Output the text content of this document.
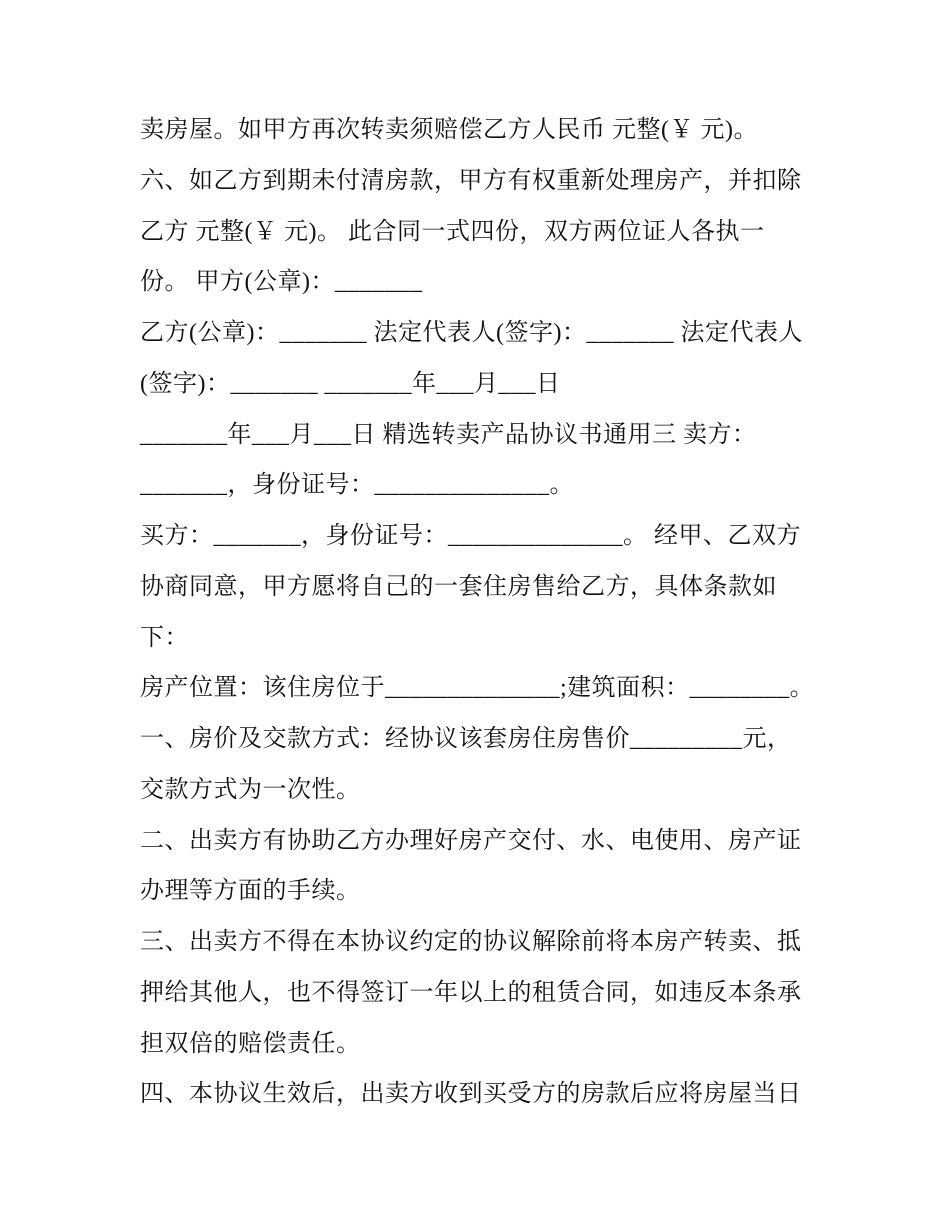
卖房屋。如甲方再次转卖须赔偿乙方人民币 元整(￥ 元)。
六、如乙方到期未付清房款，甲方有权重新处理房产，并扣除
乙方 元整(￥ 元)。 此合同一式四份，双方两位证人各执一
份。 甲方(公章)：_______
乙方(公章)：_______ 法定代表人(签字)：_______ 法定代表人
(签字)：_______ _______年___月___日
_______年___月___日 精选转卖产品协议书通用三 卖方：
_______，身份证号：______________。
买方：_______，身份证号：______________。 经甲、乙双方
协商同意，甲方愿将自己的一套住房售给乙方，具体条款如
下：
房产位置：该住房位于______________;建筑面积：________。
一、房价及交款方式：经协议该套房住房售价_________元，
交款方式为一次性。
二、出卖方有协助乙方办理好房产交付、水、电使用、房产证
办理等方面的手续。
三、出卖方不得在本协议约定的协议解除前将本房产转卖、抵
押给其他人，也不得签订一年以上的租赁合同，如违反本条承
担双倍的赔偿责任。
四、本协议生效后，出卖方收到买受方的房款后应将房屋当日
